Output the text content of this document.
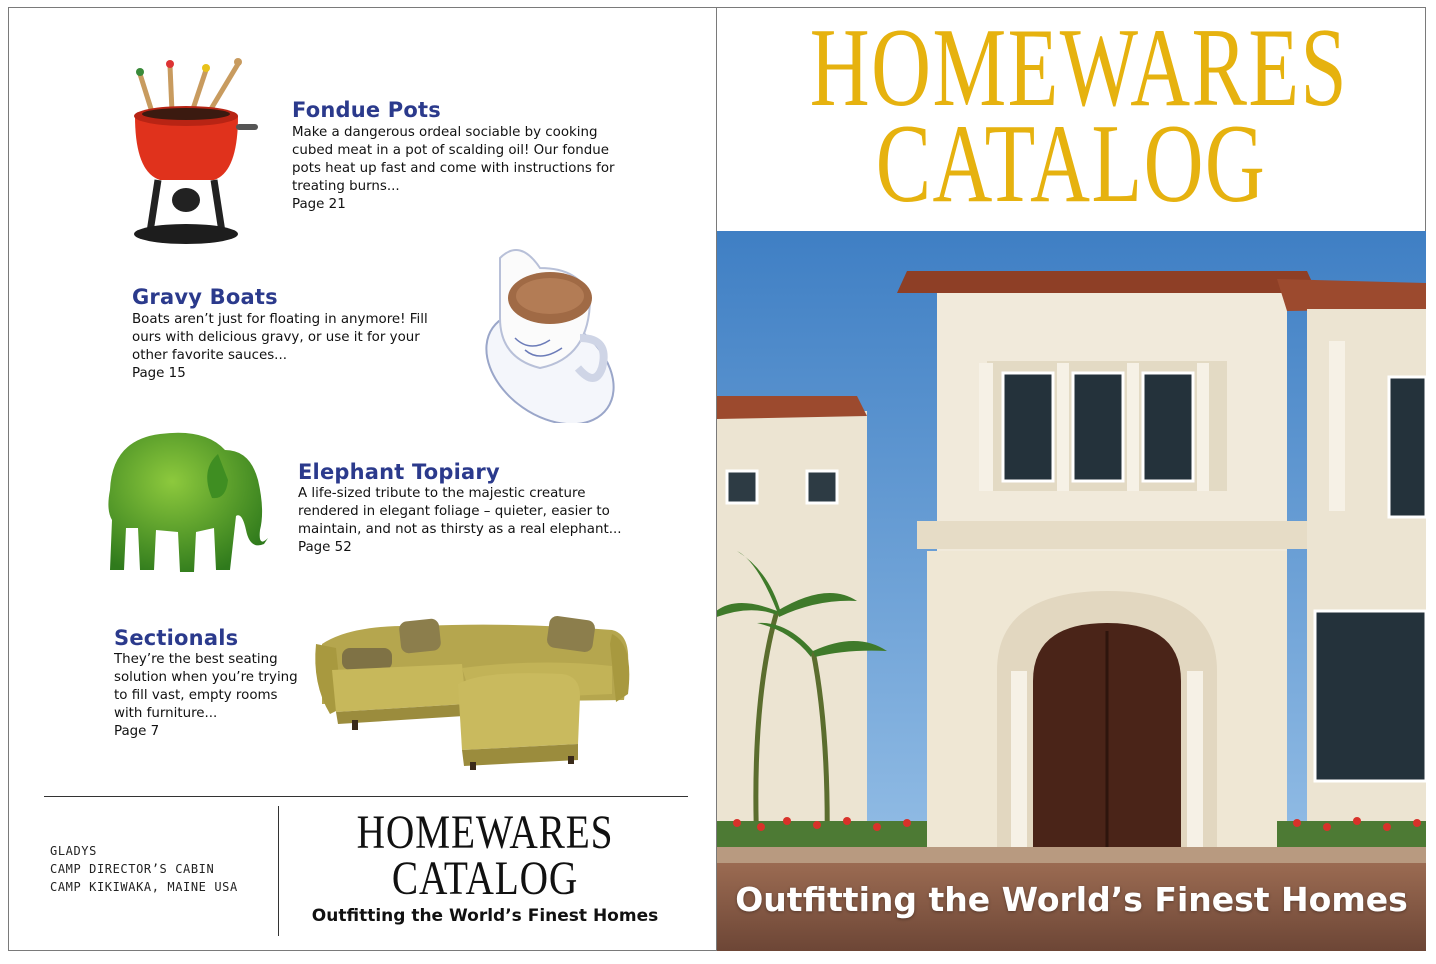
Fondue Pots
Make a dangerous ordeal sociable by cooking cubed meat in a pot of scalding oil! Our fondue pots heat up fast and come with instructions for treating burns...
Page 21
Gravy Boats
Boats aren’t just for floating in anymore! Fill ours with delicious gravy, or use it for your other favorite sauces...
Page 15
Elephant Topiary
A life-sized tribute to the majestic creature rendered in elegant foliage – quieter, easier to maintain, and not as thirsty as a real elephant...
Page 52
Sectionals
They’re the best seating solution when you’re trying to fill vast, empty rooms with furniture...
Page 7
GLADYS
CAMP DIRECTOR’S CABIN
CAMP KIKIWAKA, MAINE USA
HOMEWARES
CATALOG
Outfitting the World’s Finest Homes
HOMEWARES
CATALOG
Outfitting the World’s Finest Homes
